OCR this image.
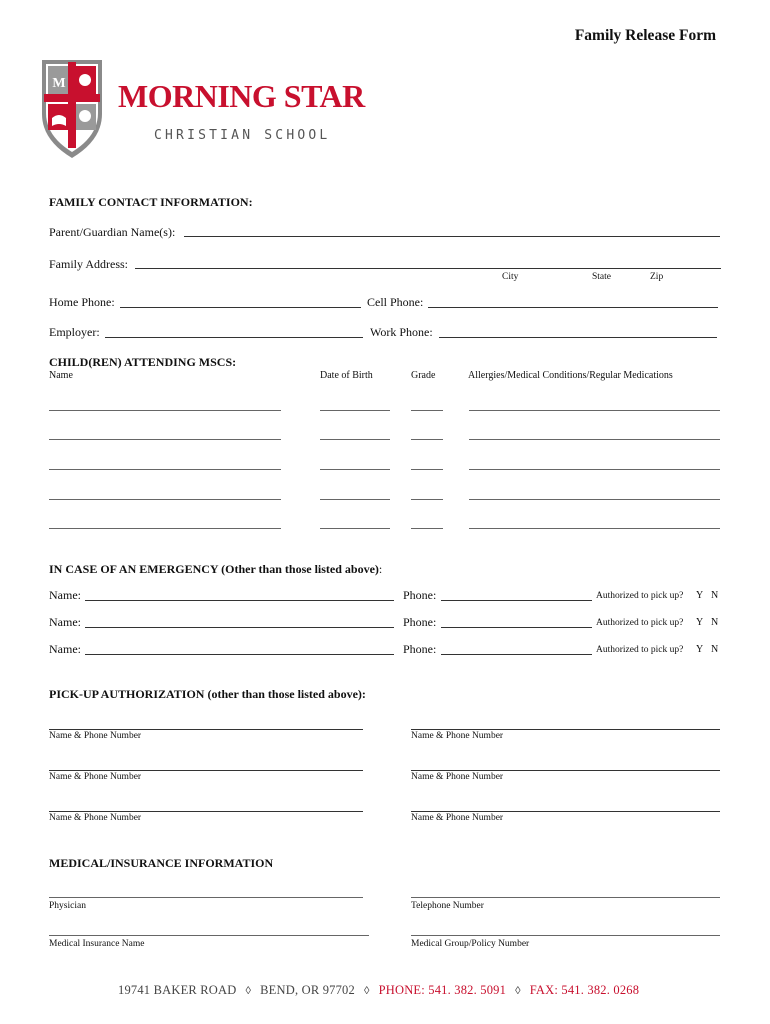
Family Release Form
M MORNING STAR
CHRISTIAN SCHOOL
FAMILY CONTACT INFORMATION:
Parent/Guardian Name(s):
Family Address:
City	State	Zip
Home Phone:	Cell Phone:
Employer:	Work Phone:
CHILD(REN) ATTENDING MSCS:
Name	Date of Birth	Grade	Allergies/Medical Conditions/Regular Medications
IN CASE OF AN EMERGENCY (Other than those listed above):
Name:	Phone:	Authorized to pick up? Y N
Name:	Phone:	Authorized to pick up? Y N
Name:	Phone:	Authorized to pick up? Y N
PICK-UP AUTHORIZATION (other than those listed above):
Name & Phone Number	Name & Phone Number
Name & Phone Number	Name & Phone Number
Name & Phone Number	Name & Phone Number
MEDICAL/INSURANCE INFORMATION
Physician	Telephone Number
Medical Insurance Name	Medical Group/Policy Number
19741 BAKER ROAD ◊ BEND, OR 97702 ◊ PHONE: 541. 382. 5091 ◊ FAX: 541. 382. 0268
